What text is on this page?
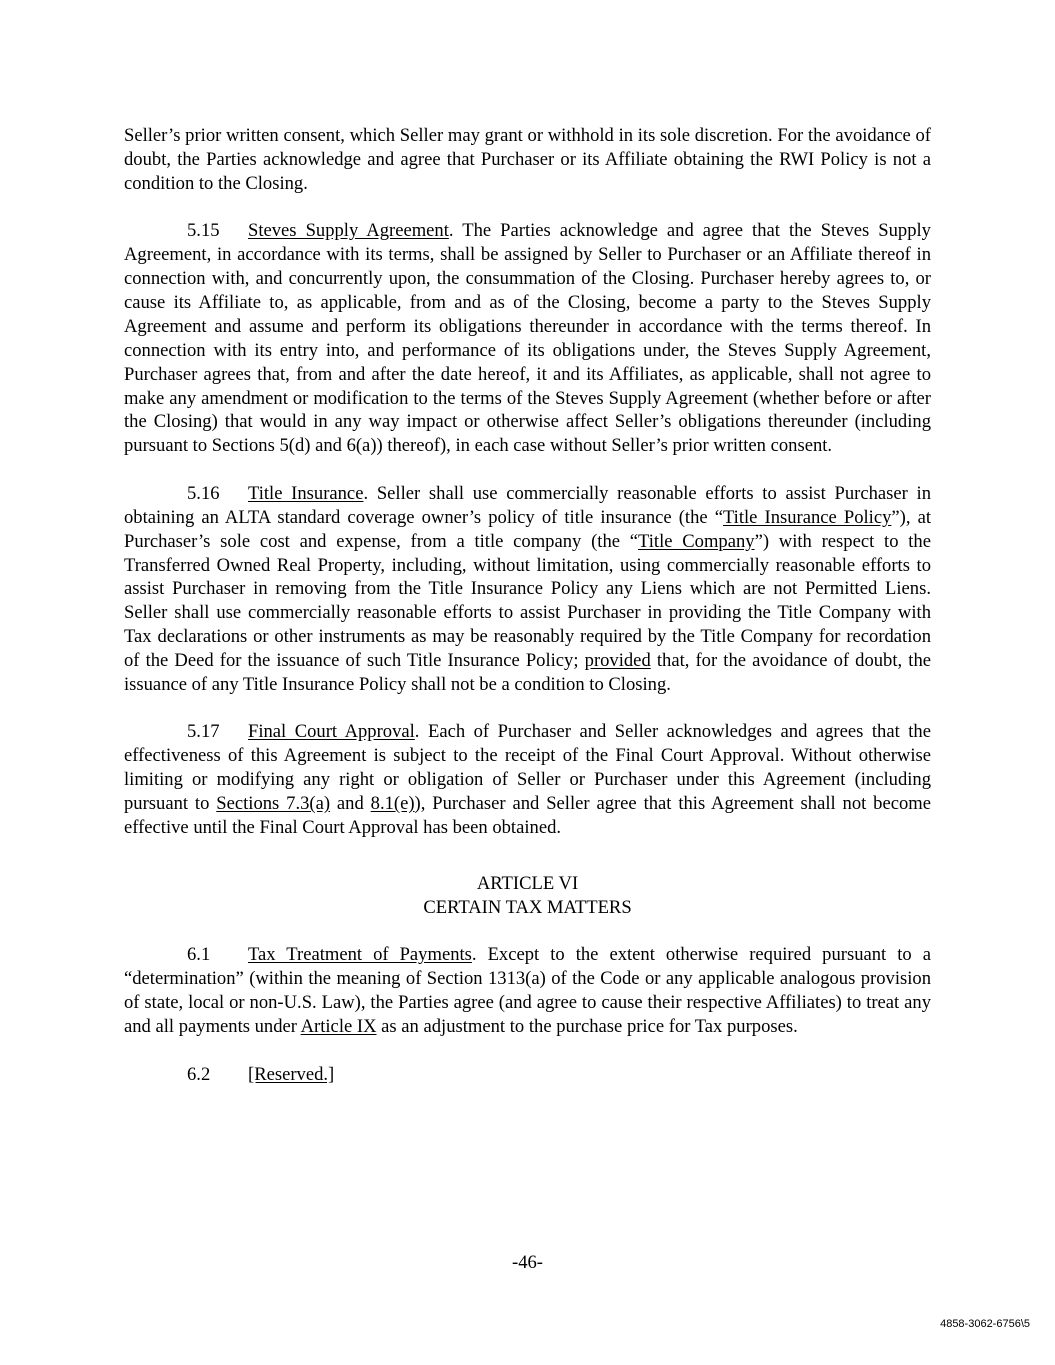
Seller’s prior written consent, which Seller may grant or withhold in its sole discretion. For the avoidance of doubt, the Parties acknowledge and agree that Purchaser or its Affiliate obtaining the RWI Policy is not a condition to the Closing.

5.15 Steves Supply Agreement. The Parties acknowledge and agree that the Steves Supply Agreement, in accordance with its terms, shall be assigned by Seller to Purchaser or an Affiliate thereof in connection with, and concurrently upon, the consummation of the Closing. Purchaser hereby agrees to, or cause its Affiliate to, as applicable, from and as of the Closing, become a party to the Steves Supply Agreement and assume and perform its obligations thereunder in accordance with the terms thereof. In connection with its entry into, and performance of its obligations under, the Steves Supply Agreement, Purchaser agrees that, from and after the date hereof, it and its Affiliates, as applicable, shall not agree to make any amendment or modification to the terms of the Steves Supply Agreement (whether before or after the Closing) that would in any way impact or otherwise affect Seller’s obligations thereunder (including pursuant to Sections 5(d) and 6(a)) thereof), in each case without Seller’s prior written consent.

5.16 Title Insurance. Seller shall use commercially reasonable efforts to assist Purchaser in obtaining an ALTA standard coverage owner’s policy of title insurance (the “Title Insurance Policy”), at Purchaser’s sole cost and expense, from a title company (the “Title Company”) with respect to the Transferred Owned Real Property, including, without limitation, using commercially reasonable efforts to assist Purchaser in removing from the Title Insurance Policy any Liens which are not Permitted Liens. Seller shall use commercially reasonable efforts to assist Purchaser in providing the Title Company with Tax declarations or other instruments as may be reasonably required by the Title Company for recordation of the Deed for the issuance of such Title Insurance Policy; provided that, for the avoidance of doubt, the issuance of any Title Insurance Policy shall not be a condition to Closing.

5.17 Final Court Approval. Each of Purchaser and Seller acknowledges and agrees that the effectiveness of this Agreement is subject to the receipt of the Final Court Approval. Without otherwise limiting or modifying any right or obligation of Seller or Purchaser under this Agreement (including pursuant to Sections 7.3(a) and 8.1(e)), Purchaser and Seller agree that this Agreement shall not become effective until the Final Court Approval has been obtained.

ARTICLE VI
CERTAIN TAX MATTERS

6.1 Tax Treatment of Payments. Except to the extent otherwise required pursuant to a “determination” (within the meaning of Section 1313(a) of the Code or any applicable analogous provision of state, local or non-U.S. Law), the Parties agree (and agree to cause their respective Affiliates) to treat any and all payments under Article IX as an adjustment to the purchase price for Tax purposes.

6.2 [Reserved.]

-46-
4858-3062-6756\5
